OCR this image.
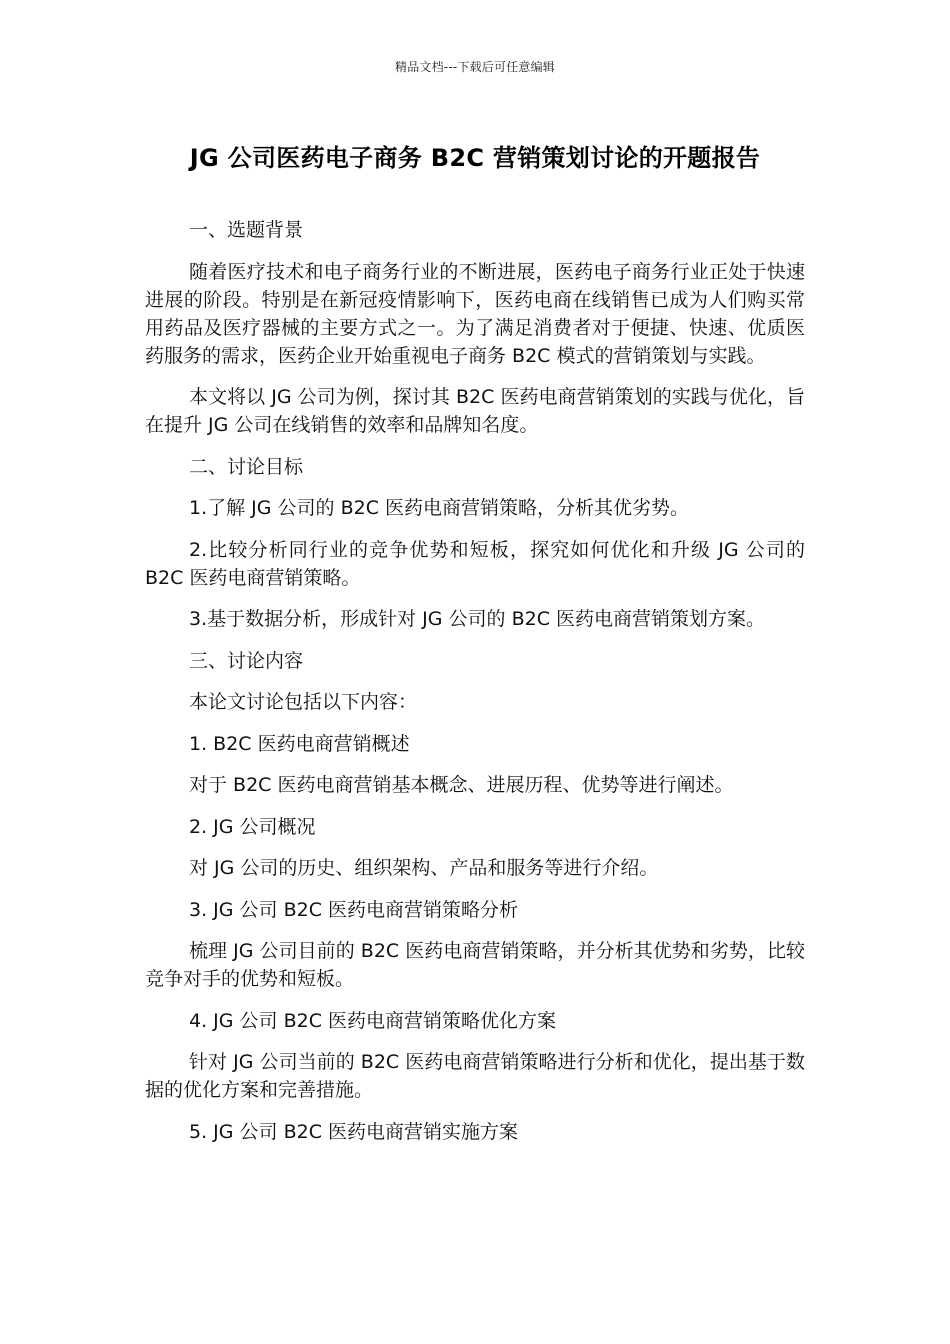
精品文档---下载后可任意编辑
JG 公司医药电子商务 B2C 营销策划讨论的开题报告

一、选题背景

随着医疗技术和电子商务行业的不断进展，医药电子商务行业正处于快速进展的阶段。特别是在新冠疫情影响下，医药电商在线销售已成为人们购买常用药品及医疗器械的主要方式之一。为了满足消费者对于便捷、快速、优质医药服务的需求，医药企业开始重视电子商务 B2C 模式的营销策划与实践。

本文将以 JG 公司为例，探讨其 B2C 医药电商营销策划的实践与优化，旨在提升 JG 公司在线销售的效率和品牌知名度。

二、讨论目标

1.了解 JG 公司的 B2C 医药电商营销策略，分析其优劣势。

2.比较分析同行业的竞争优势和短板，探究如何优化和升级 JG 公司的 B2C 医药电商营销策略。

3.基于数据分析，形成针对 JG 公司的 B2C 医药电商营销策划方案。

三、讨论内容

本论文讨论包括以下内容：

1. B2C 医药电商营销概述

对于 B2C 医药电商营销基本概念、进展历程、优势等进行阐述。

2. JG 公司概况

对 JG 公司的历史、组织架构、产品和服务等进行介绍。

3. JG 公司 B2C 医药电商营销策略分析

梳理 JG 公司目前的 B2C 医药电商营销策略，并分析其优势和劣势，比较竞争对手的优势和短板。

4. JG 公司 B2C 医药电商营销策略优化方案

针对 JG 公司当前的 B2C 医药电商营销策略进行分析和优化，提出基于数据的优化方案和完善措施。

5. JG 公司 B2C 医药电商营销实施方案
